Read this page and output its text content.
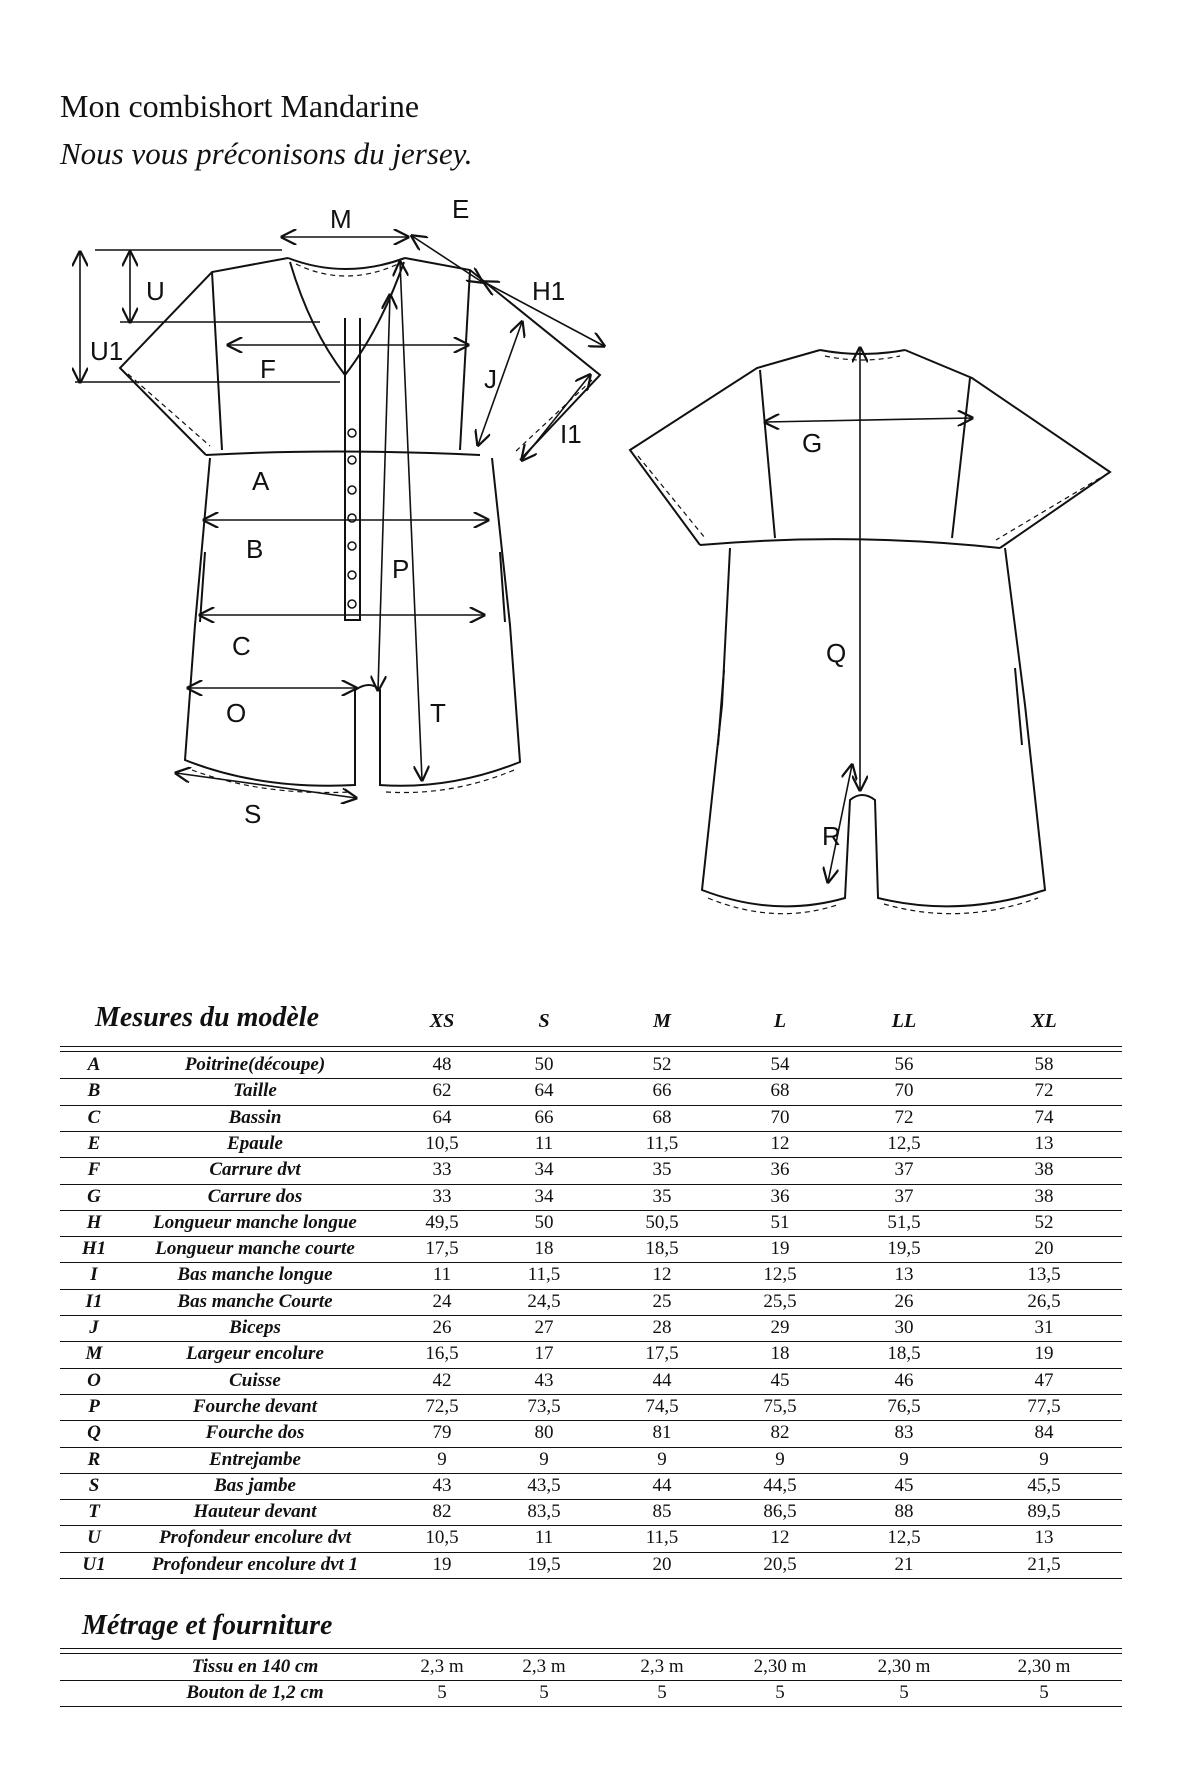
Mon combishort Mandarine
Nous vous préconisons du jersey.
M	E
U	H1
U1
F	J
I1
A
B
P
C
O	T
S
G
Q
R
Mesures du modèle	XS	S	M	L	LL	XL
A	Poitrine(découpe)	48	50	52	54	56	58
B	Taille	62	64	66	68	70	72
C	Bassin	64	66	68	70	72	74
E	Epaule	10,5	11	11,5	12	12,5	13
F	Carrure dvt	33	34	35	36	37	38
G	Carrure dos	33	34	35	36	37	38
H	Longueur manche longue	49,5	50	50,5	51	51,5	52
H1	Longueur manche courte	17,5	18	18,5	19	19,5	20
I	Bas manche longue	11	11,5	12	12,5	13	13,5
I1	Bas manche Courte	24	24,5	25	25,5	26	26,5
J	Biceps	26	27	28	29	30	31
M	Largeur encolure	16,5	17	17,5	18	18,5	19
O	Cuisse	42	43	44	45	46	47
P	Fourche devant	72,5	73,5	74,5	75,5	76,5	77,5
Q	Fourche dos	79	80	81	82	83	84
R	Entrejambe	9	9	9	9	9	9
S	Bas jambe	43	43,5	44	44,5	45	45,5
T	Hauteur devant	82	83,5	85	86,5	88	89,5
U	Profondeur encolure dvt	10,5	11	11,5	12	12,5	13
U1	Profondeur encolure dvt 1	19	19,5	20	20,5	21	21,5
Métrage et fourniture
Tissu en 140 cm	2,3 m	2,3 m	2,3 m	2,30 m	2,30 m	2,30 m
Bouton de 1,2 cm	5	5	5	5	5	5
